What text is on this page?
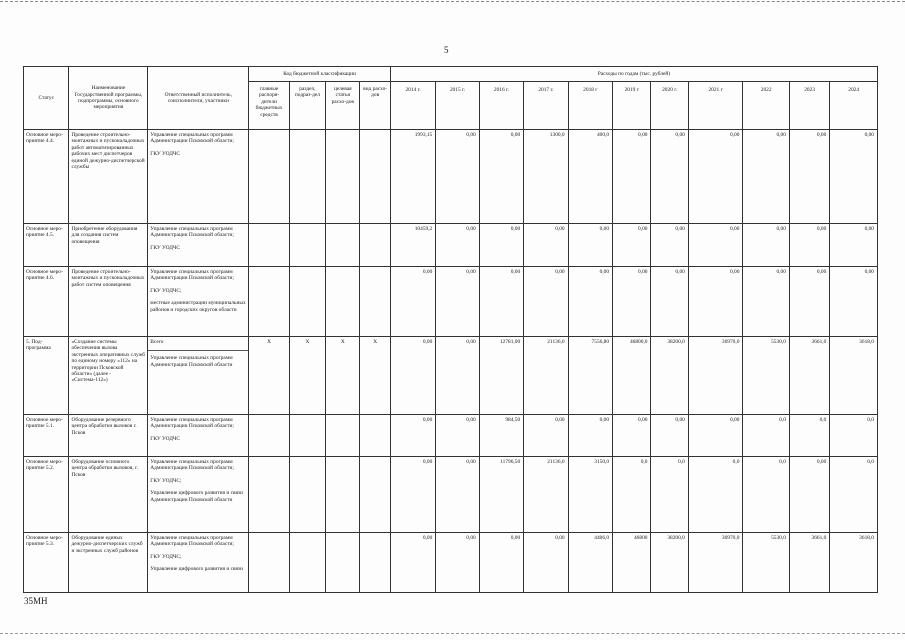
5
Статус	Наименование Государственной программы, подпрограммы, основного мероприятия	Ответственный исполнитель, соисполнители, участники	Код бюджетной классификации				Расходы по годам (тыс. рублей)										
			главные распоря-дители бюджетных средств	раздел, подраз-дел	целевая статья расхо-дов	вид расхо-дов	2014 г.	2015 г.	2016 г.	2017 г.	2018 г	2019 г	2020 г.	2021 г	2022	2023	2024
Основное меро-приятие 4.4.	Проведение строительно-монтажных и пусконаладочных работ автоматизированных рабочих мест диспетчеров единой дежурно-диспетчерской службы	Управление специальных программ Администрации Псковской области;
ГКУ УОДЧС					1993,15	0,00	0,00	1300,0	400,0	0,00	0,00	0,00	0,00	0,00	0,00
Основное меро-приятие 4.5.	Приобретение оборудования для создания систем оповещения	Управление специальных программ Администрации Псковской области;
ГКУ УОДЧС					10459,2	0,00	0,00	0,00	0,00	0,00	0,00	0,00	0,00	0,00	0,00
Основное меро-приятие 4.6.	Проведение строительно-монтажных и пусконаладочных работ систем оповещения	Управление специальных программ Администрации Псковской области;
ГКУ УОДЧС;
местные администрации муниципальных районов и городских округов области					0,00	0,00	0,00	0,00	0,00	0,00	0,00	0,00	0,00	0,00	0,00
5. Под-программа	«Создание системы обеспечения вызова экстренных оперативных служб по единому номеру «112» на территории Псковской области» (далее - «Система-112»)	Всего
Управление специальных программ Администрации Псковской области	X	X	X	X	0,00	0,00	12781,00	21136,0	7556,80	46800,0	38200,0	36970,0	5530,0	3661,0	3618,0
Основное меро-приятие 5.1.	Оборудование резервного центра обработки вызовов г. Псков	Управление специальных программ Администрации Псковской области;
ГКУ УОДЧС					0,00	0,00	984,50	0,00	0,00	0,00	0,00	0,00	0,0	0,0	0,0
Основное меро-приятие 5.2.	Оборудование основного центра обработки вызовов, г. Псков	Управление специальных программ Администрации Псковской области;
ГКУ УОДЧС;
Управление цифрового развития и связи Администрации Псковской области					0,00	0,00	11796,50	21136,0	3150,0	0,0	0,0	0,0	0,0	0,00	0,0
Основное меро-приятие 5.3.	Оборудование единых дежурно-диспетчерских служб и экстренных служб районов	Управление специальных программ Администрации Псковской области;
ГКУ УОДЧС;
Управление цифрового развития и связи					0,00	0,00	0,00	0,00	4406,0	46800	38200,0	36970,0	5530,0	3661,0	3618,0
35МН
